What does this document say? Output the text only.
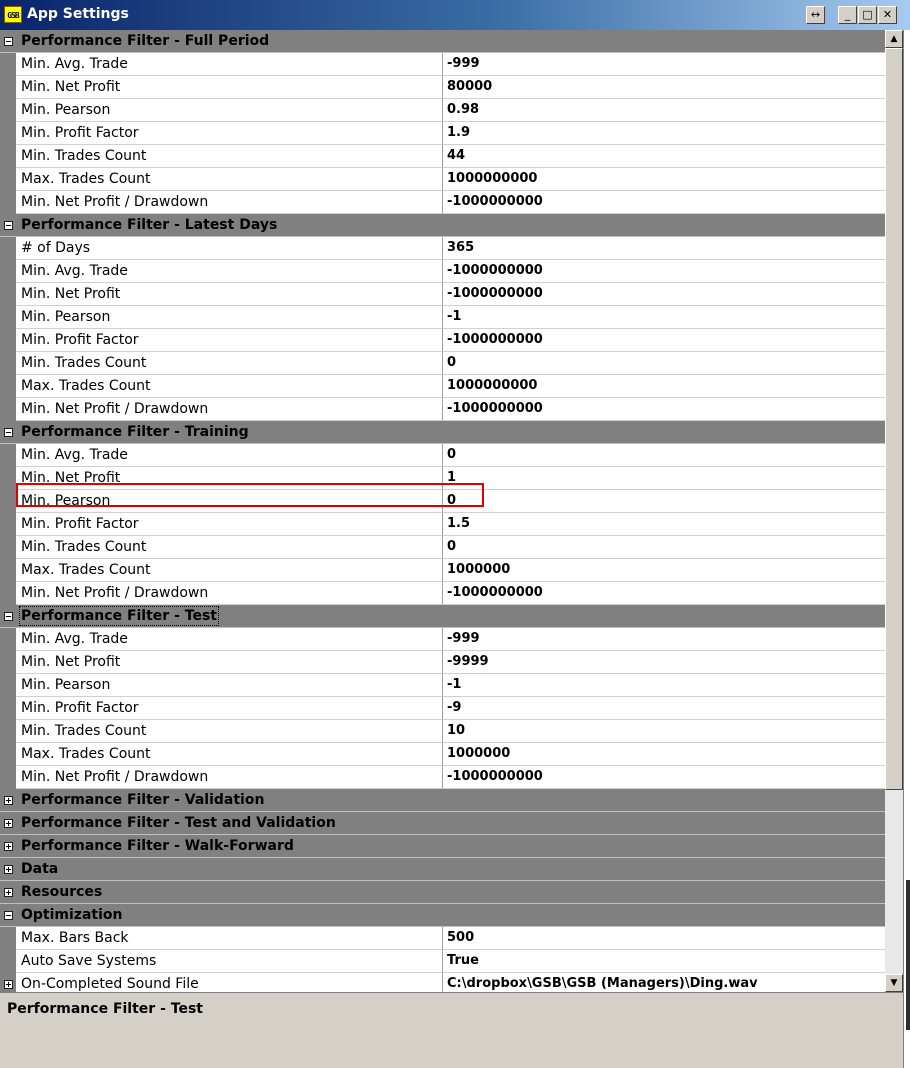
GSB App Settings	↔	_	□ ✕
Performance Filter - Full Period
Min. Avg. Trade	-999
Min. Net Profit	80000
Min. Pearson	0.98
Min. Profit Factor	1.9
Min. Trades Count	44
Max. Trades Count	1000000000
Min. Net Profit / Drawdown	-1000000000
Performance Filter - Latest Days
# of Days	365
Min. Avg. Trade	-1000000000
Min. Net Profit	-1000000000
Min. Pearson	-1
Min. Profit Factor	-1000000000
Min. Trades Count	0
Max. Trades Count	1000000000
Min. Net Profit / Drawdown	-1000000000
Performance Filter - Training
Min. Avg. Trade	0
Min. Net Profit	1
Min. Pearson	0
Min. Profit Factor	1.5
Min. Trades Count	0
Max. Trades Count	1000000
Min. Net Profit / Drawdown	-1000000000
Performance Filter - Test
Min. Avg. Trade	-999
Min. Net Profit	-9999
Min. Pearson	-1
Min. Profit Factor	-9
Min. Trades Count	10
Max. Trades Count	1000000
Min. Net Profit / Drawdown	-1000000000
Performance Filter - Validation
Performance Filter - Test and Validation
Performance Filter - Walk-Forward
Data
Resources
Optimization
Max. Bars Back	500
Auto Save Systems	True
On-Completed Sound File	C:\dropbox\GSB\GSB (Managers)\Ding.wav
▲
▼
Performance Filter - Test
